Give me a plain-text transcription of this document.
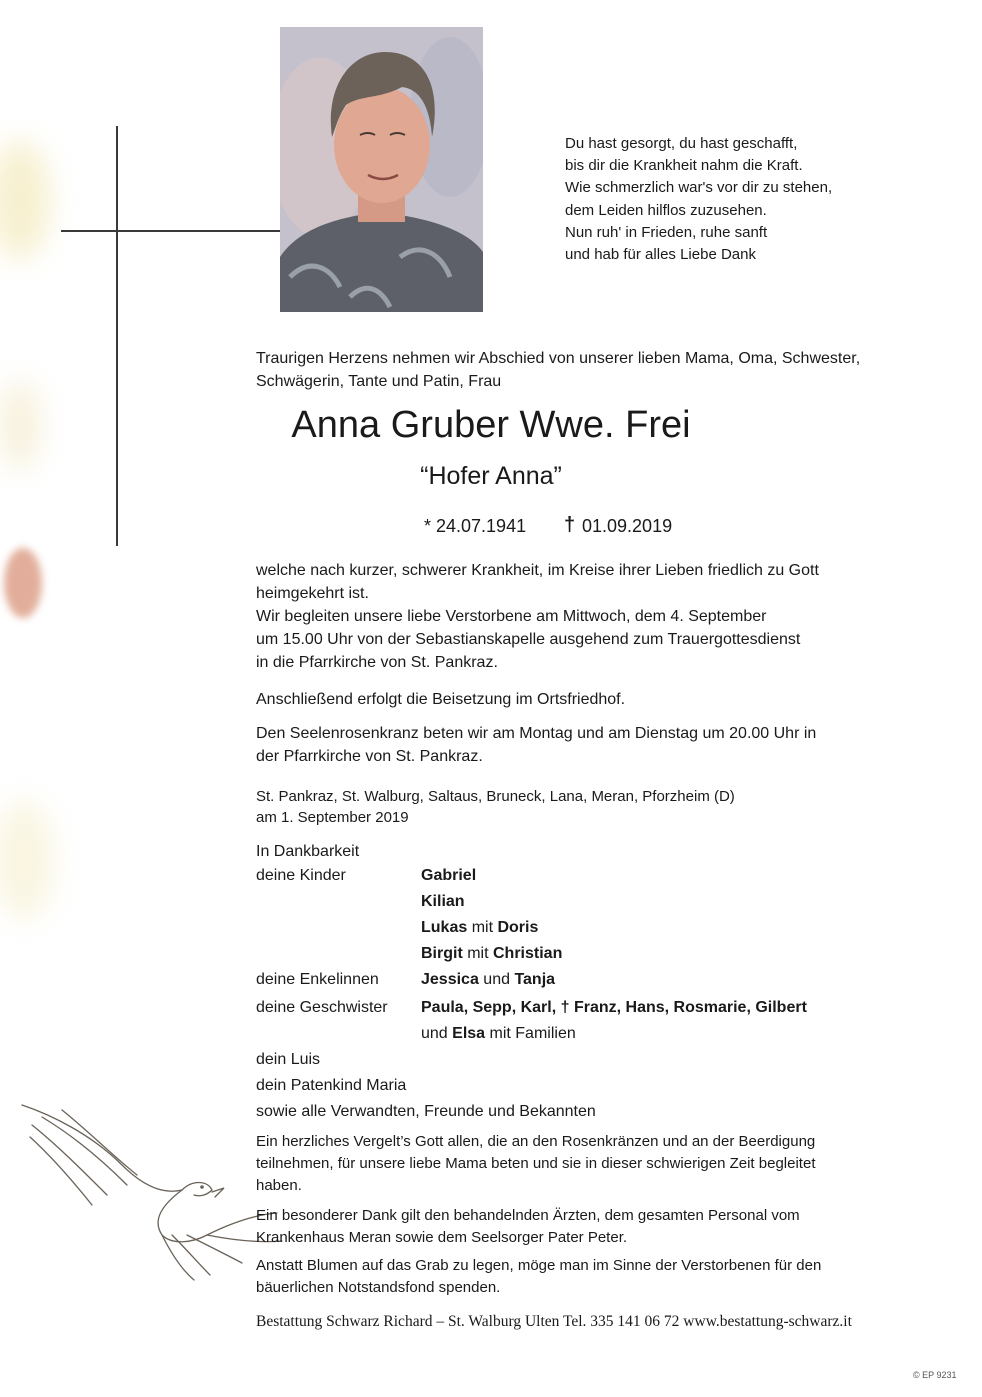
Du hast gesorgt, du hast geschafft,
bis dir die Krankheit nahm die Kraft.
Wie schmerzlich war's vor dir zu stehen,
dem Leiden hilflos zuzusehen.
Nun ruh' in Frieden, ruhe sanft
und hab für alles Liebe Dank
Traurigen Herzens nehmen wir Abschied von unserer lieben Mama, Oma, Schwester,
Schwägerin, Tante und Patin, Frau
Anna Gruber Wwe. Frei
“Hofer Anna”
* 24.07.1941 † 01.09.2019
welche nach kurzer, schwerer Krankheit, im Kreise ihrer Lieben friedlich zu Gott
heimgekehrt ist.
Wir begleiten unsere liebe Verstorbene am Mittwoch, dem 4. September
um 15.00 Uhr von der Sebastianskapelle ausgehend zum Trauergottesdienst
in die Pfarrkirche von St. Pankraz.
Anschließend erfolgt die Beisetzung im Ortsfriedhof.
Den Seelenrosenkranz beten wir am Montag und am Dienstag um 20.00 Uhr in
der Pfarrkirche von St. Pankraz.
St. Pankraz, St. Walburg, Saltaus, Bruneck, Lana, Meran, Pforzheim (D)
am 1. September 2019
In Dankbarkeit
deine Kinder	Gabriel
Kilian
Lukas mit Doris
Birgit mit Christian
deine Enkelinnen	Jessica und Tanja
deine Geschwister Paula, Sepp, Karl, † Franz, Hans, Rosmarie, Gilbert
und Elsa mit Familien
dein Luis
dein Patenkind Maria
sowie alle Verwandten, Freunde und Bekannten
Ein herzliches Vergelt’s Gott allen, die an den Rosenkränzen und an der Beerdigung
teilnehmen, für unsere liebe Mama beten und sie in dieser schwierigen Zeit begleitet
haben.
Ein besonderer Dank gilt den behandelnden Ärzten, dem gesamten Personal vom
Krankenhaus Meran sowie dem Seelsorger Pater Peter.
Anstatt Blumen auf das Grab zu legen, möge man im Sinne der Verstorbenen für den
bäuerlichen Notstandsfond spenden.
Bestattung Schwarz Richard – St. Walburg Ulten Tel. 335 141 06 72 www.bestattung-schwarz.it
© EP 9231
